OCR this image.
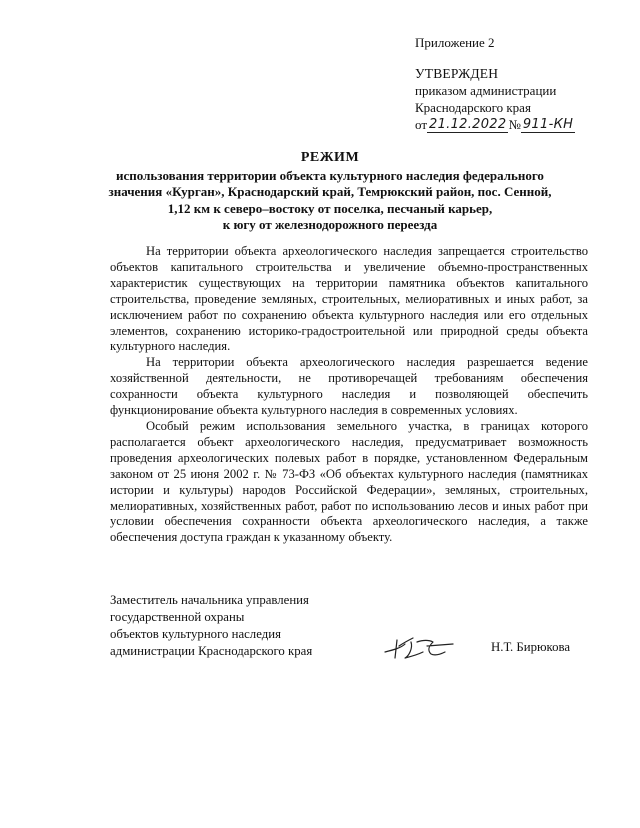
Приложение 2
УТВЕРЖДЕН
приказом администрации
Краснодарского края
от 21.12.2022 № 911-КН
РЕЖИМ
использования территории объекта культурного наследия федерального
значения «Курган», Краснодарский край, Темрюкский район, пос. Сенной,
1,12 км к северо–востоку от поселка, песчаный карьер,
к югу от железнодорожного переезда

На территории объекта археологического наследия запрещается строительство объектов капитального строительства и увеличение объемно-пространственных характеристик существующих на территории памятника объектов капитального строительства, проведение земляных, строительных, мелиоративных и иных работ, за исключением работ по сохранению объекта культурного наследия или его отдельных элементов, сохранению историко-градостроительной или природной среды объекта культурного наследия.

На территории объекта археологического наследия разрешается ведение хозяйственной деятельности, не противоречащей требованиям обеспечения сохранности объекта культурного наследия и позволяющей обеспечить функционирование объекта культурного наследия в современных условиях.

Особый режим использования земельного участка, в границах которого располагается объект археологического наследия, предусматривает возможность проведения археологических полевых работ в порядке, установленном Федеральным законом от 25 июня 2002 г. № 73-ФЗ «Об объектах культурного наследия (памятниках истории и культуры) народов Российской Федерации», земляных, строительных, мелиоративных, хозяйственных работ, работ по использованию лесов и иных работ при условии обеспечения сохранности объекта археологического наследия, а также обеспечения доступа граждан к указанному объекту.

Заместитель начальника управления
государственной охраны
объектов культурного наследия
администрации Краснодарского края	Н.Т. Бирюкова
